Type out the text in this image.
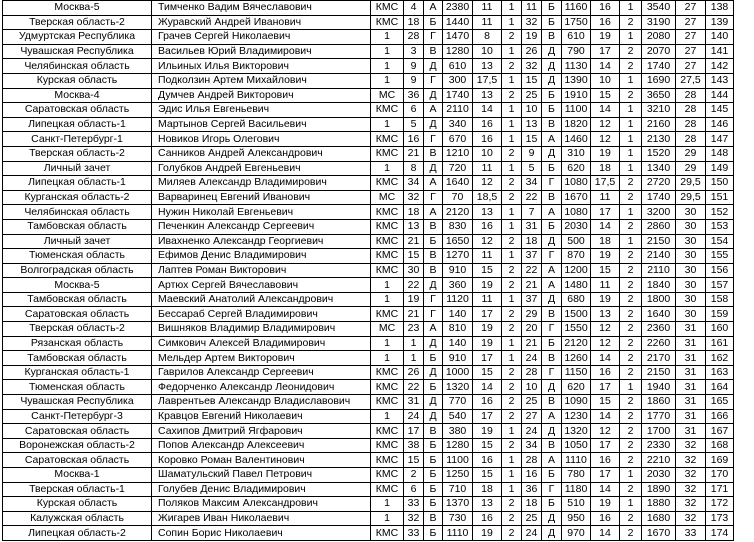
Москва-5	Тимченко Вадим Вячеславович	КМС	4	А	2380	11	1	11	Б	1160	16	1	3540	27	138
Тверская область-2	Журавский Андрей Иванович	КМС	18	Б	1440	11	1	32	Б	1750	16	2	3190	27	139
Удмуртская Республика	Грачев Сергей Николаевич	1	28	Г	1470	8	2	19	В	610	19	1	2080	27	140
Чувашская Республика	Васильев Юрий Владимирович	1	3	В	1280	10	1	26	Д	790	17	2	2070	27	141
Челябинская область	Ильиных Илья Викторович	1	9	Д	610	13	2	32	Д	1130	14	2	1740	27	142
Курская область	Подколзин Артем Михайлович	1	9	Г	300	17,5	1	15	Д	1390	10	1	1690	27,5	143
Москва-4	Думчев Андрей Викторович	МС	36	Д	1740	13	2	25	Б	1910	15	2	3650	28	144
Саратовская область	Эдис Илья Евгеньевич	КМС	6	А	2110	14	1	10	Б	1100	14	1	3210	28	145
Липецкая область-1	Мартынов Сергей Васильевич	1	5	Д	340	16	1	13	В	1820	12	1	2160	28	146
Санкт-Петербург-1	Новиков Игорь Олегович	КМС	16	Г	670	16	1	15	А	1460	12	1	2130	28	147
Тверская область-2	Санников Андрей Александрович	КМС	21	В	1210	10	2	9	Д	310	19	1	1520	29	148
Личный зачет	Голубков Андрей Евгеньевич	1	8	Д	720	11	1	5	Б	620	18	1	1340	29	149
Липецкая область-1	Миляев Александр Владимирович	КМС	34	А	1640	12	2	34	Г	1080	17,5	2	2720	29,5	150
Курганская область-2	Варваринец Евгений Иванович	МС	32	Г	70	18,5	2	22	В	1670	11	2	1740	29,5	151
Челябинская область	Нужин Николай Евгеньевич	КМС	18	А	2120	13	1	7	А	1080	17	1	3200	30	152
Тамбовская область	Печенкин Александр Сергеевич	КМС	13	В	830	16	1	31	Б	2030	14	2	2860	30	153
Личный зачет	Ивахненко Александр Георгиевич	КМС	21	Б	1650	12	2	18	Д	500	18	1	2150	30	154
Тюменская область	Ефимов Денис Владимирович	КМС	15	В	1270	11	1	37	Г	870	19	2	2140	30	155
Волгоградская область	Лаптев Роман Викторович	КМС	30	В	910	15	2	22	А	1200	15	2	2110	30	156
Москва-5	Артюх Сергей Вячеславович	1	22	Д	360	19	2	21	А	1480	11	2	1840	30	157
Тамбовская область	Маевский Анатолий Александрович	1	19	Г	1120	11	1	37	Д	680	19	2	1800	30	158
Саратовская область	Бессараб Сергей Владимирович	КМС	21	Г	140	17	2	29	В	1500	13	2	1640	30	159
Тверская область-2	Вишняков Владимир Владимирович	МС	23	А	810	19	2	20	Г	1550	12	2	2360	31	160
Рязанская область	Симкович Алексей Владимирович	1	1	Д	140	19	1	21	Б	2120	12	2	2260	31	161
Тамбовская область	Мельдер Артем Викторович	1	1	Б	910	17	1	24	В	1260	14	2	2170	31	162
Курганская область-1	Гаврилов Александр Сергеевич	КМС	26	Д	1000	15	2	28	Г	1150	16	2	2150	31	163
Тюменская область	Федорченко Александр Леонидович	КМС	22	Б	1320	14	2	10	Д	620	17	1	1940	31	164
Чувашская Республика	Лаврентьев Александр Владиславович	КМС	31	Д	770	16	2	25	В	1090	15	2	1860	31	165
Санкт-Петербург-3	Кравцов Евгений Николаевич	1	24	Д	540	17	2	27	А	1230	14	2	1770	31	166
Саратовская область	Сахипов Дмитрий Ягфарович	КМС	17	В	380	19	1	24	Д	1320	12	2	1700	31	167
Воронежская область-2	Попов Александр Алексеевич	КМС	38	Б	1280	15	2	34	В	1050	17	2	2330	32	168
Саратовская область	Коровко Роман Валентинович	КМС	15	Б	1100	16	1	28	А	1110	16	2	2210	32	169
Москва-1	Шаматульский Павел Петрович	КМС	2	Б	1250	15	1	16	Б	780	17	1	2030	32	170
Тверская область-1	Голубев Денис Владимирович	КМС	6	Б	710	18	1	36	Г	1180	14	2	1890	32	171
Курская область	Поляков Максим Александрович	1	33	Б	1370	13	2	18	Б	510	19	1	1880	32	172
Калужская область	Жигарев Иван Николаевич	1	32	В	730	16	2	25	Д	950	16	2	1680	32	173
Липецкая область-2	Сопин Борис Николаевич	КМС	33	Б	1110	19	2	24	Д	970	14	2	1670	33	174
